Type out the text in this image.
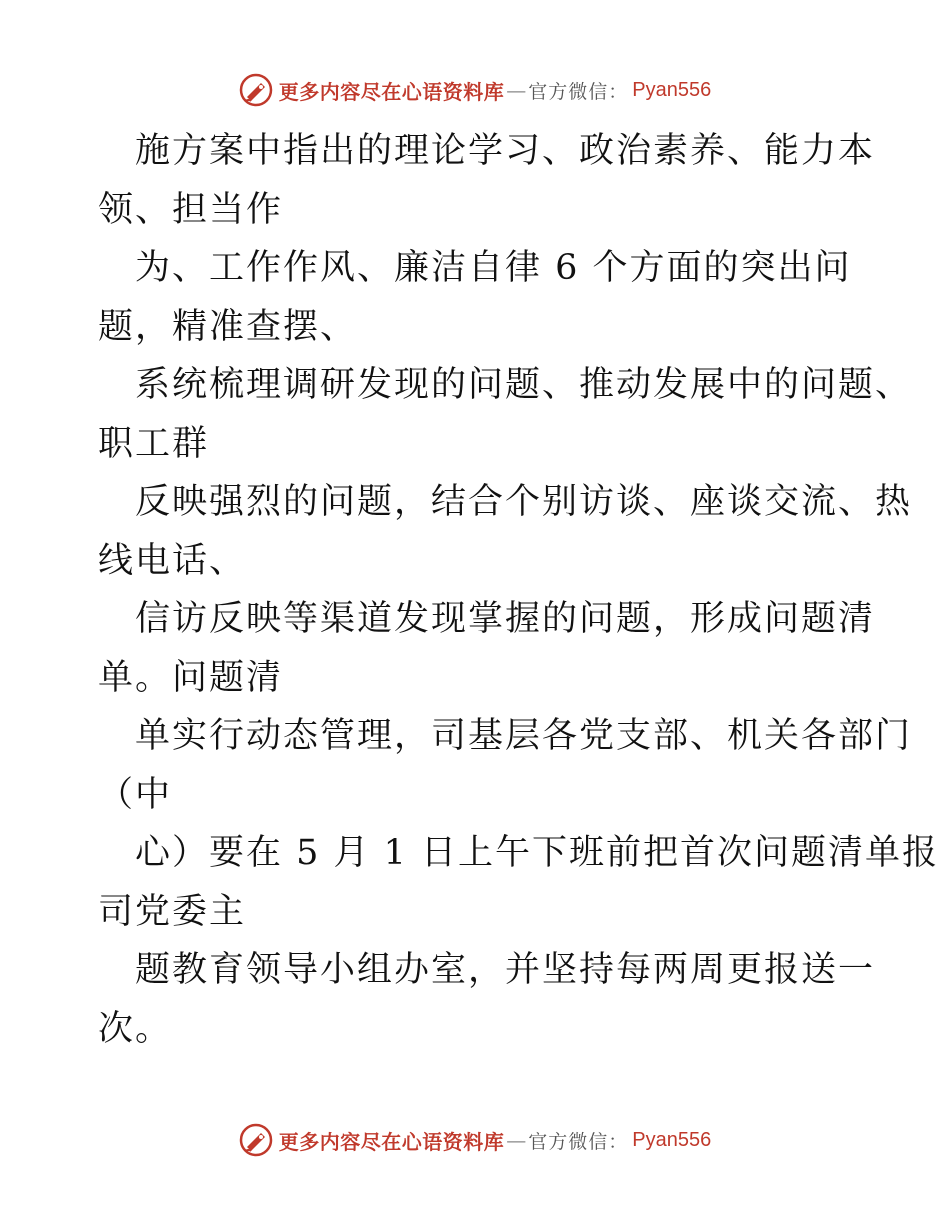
更多内容尽在心语资料库 — 官方微信： Pyan556
施方案中指出的理论学习、政治素养、能力本
领、担当作
为、工作作风、廉洁自律 6 个方面的突出问
题，精准查摆、
系统梳理调研发现的问题、推动发展中的问题、
职工群
反映强烈的问题，结合个别访谈、座谈交流、热
线电话、
信访反映等渠道发现掌握的问题，形成问题清
单。问题清
单实行动态管理，司基层各党支部、机关各部门
（中
心）要在 5 月 1 日上午下班前把首次问题清单报
司党委主
题教育领导小组办室，并坚持每两周更报送一
次。
更多内容尽在心语资料库 — 官方微信： Pyan556
